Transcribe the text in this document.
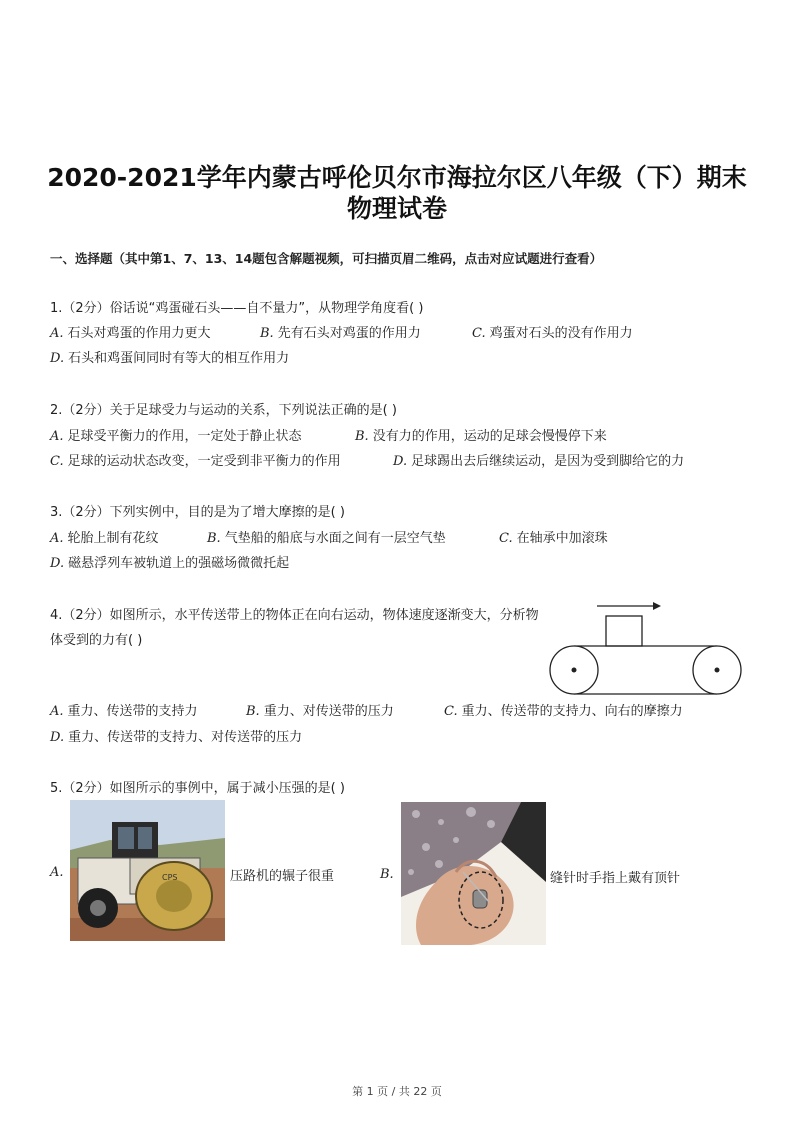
2020-2021学年内蒙古呼伦贝尔市海拉尔区八年级（下）期末
物理试卷
一、选择题（其中第1、7、13、14题包含解题视频，可扫描页眉二维码，点击对应试题进行查看）
1.（2分）俗话说“鸡蛋碰石头——自不量力”，从物理学角度看( )
A. 石头对鸡蛋的作用力更大	B. 先有石头对鸡蛋的作用力	C. 鸡蛋对石头的没有作用力
D. 石头和鸡蛋间同时有等大的相互作用力
2.（2分）关于足球受力与运动的关系，下列说法正确的是( )
A. 足球受平衡力的作用，一定处于静止状态	B. 没有力的作用，运动的足球会慢慢停下来
C. 足球的运动状态改变，一定受到非平衡力的作用	D. 足球踢出去后继续运动，是因为受到脚给它的力
3.（2分）下列实例中，目的是为了增大摩擦的是( )
A. 轮胎上制有花纹	B. 气垫船的船底与水面之间有一层空气垫	C. 在轴承中加滚珠
D. 磁悬浮列车被轨道上的强磁场微微托起
4.（2分）如图所示，水平传送带上的物体正在向右运动，物体速度逐渐变大，分析物
体受到的力有( )
A. 重力、传送带的支持力	B. 重力、对传送带的压力	C. 重力、传送带的支持力、向右的摩擦力
D. 重力、传送带的支持力、对传送带的压力
5.（2分）如图所示的事例中，属于减小压强的是( )
A.	CPS	压路机的辗子很重	B.	缝针时手指上戴有顶针
第 1 页 / 共 22 页
